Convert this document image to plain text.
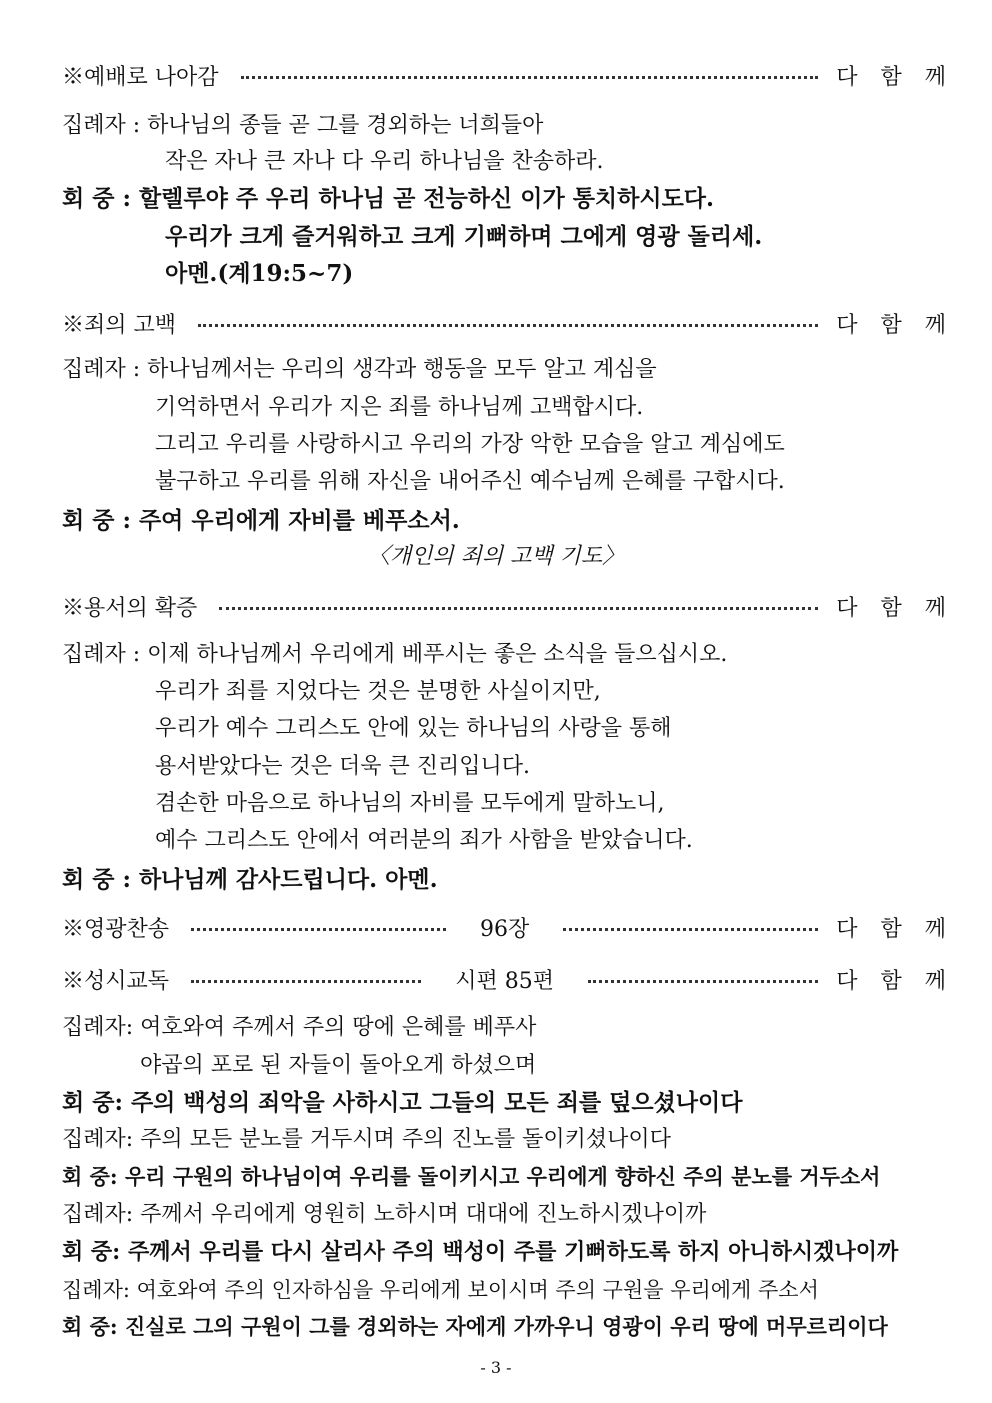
※예배로 나아감	다 함 께
집례자 : 하나님의 종들 곧 그를 경외하는 너희들아
작은 자나 큰 자나 다 우리 하나님을 찬송하라.
회 중 : 할렐루야 주 우리 하나님 곧 전능하신 이가 통치하시도다.
우리가 크게 즐거워하고 크게 기뻐하며 그에게 영광 돌리세.
아멘.(계19:5~7)
※죄의 고백	다 함 께
집례자 : 하나님께서는 우리의 생각과 행동을 모두 알고 계심을
기억하면서 우리가 지은 죄를 하나님께 고백합시다.
그리고 우리를 사랑하시고 우리의 가장 악한 모습을 알고 계심에도
불구하고 우리를 위해 자신을 내어주신 예수님께 은혜를 구합시다.
회 중 : 주여 우리에게 자비를 베푸소서.
〈개인의 죄의 고백 기도〉
※용서의 확증	다 함 께
집례자 : 이제 하나님께서 우리에게 베푸시는 좋은 소식을 들으십시오.
우리가 죄를 지었다는 것은 분명한 사실이지만,
우리가 예수 그리스도 안에 있는 하나님의 사랑을 통해
용서받았다는 것은 더욱 큰 진리입니다.
겸손한 마음으로 하나님의 자비를 모두에게 말하노니,
예수 그리스도 안에서 여러분의 죄가 사함을 받았습니다.
회 중 : 하나님께 감사드립니다. 아멘.
※영광찬송	96장	다 함 께
※성시교독	시편 85편	다 함 께
집례자: 여호와여 주께서 주의 땅에 은혜를 베푸사
야곱의 포로 된 자들이 돌아오게 하셨으며
회 중: 주의 백성의 죄악을 사하시고 그들의 모든 죄를 덮으셨나이다
집례자: 주의 모든 분노를 거두시며 주의 진노를 돌이키셨나이다
회 중: 우리 구원의 하나님이여 우리를 돌이키시고 우리에게 향하신 주의 분노를 거두소서
집례자: 주께서 우리에게 영원히 노하시며 대대에 진노하시겠나이까
회 중: 주께서 우리를 다시 살리사 주의 백성이 주를 기뻐하도록 하지 아니하시겠나이까
집례자: 여호와여 주의 인자하심을 우리에게 보이시며 주의 구원을 우리에게 주소서
회 중: 진실로 그의 구원이 그를 경외하는 자에게 가까우니 영광이 우리 땅에 머무르리이다
- 3 -
